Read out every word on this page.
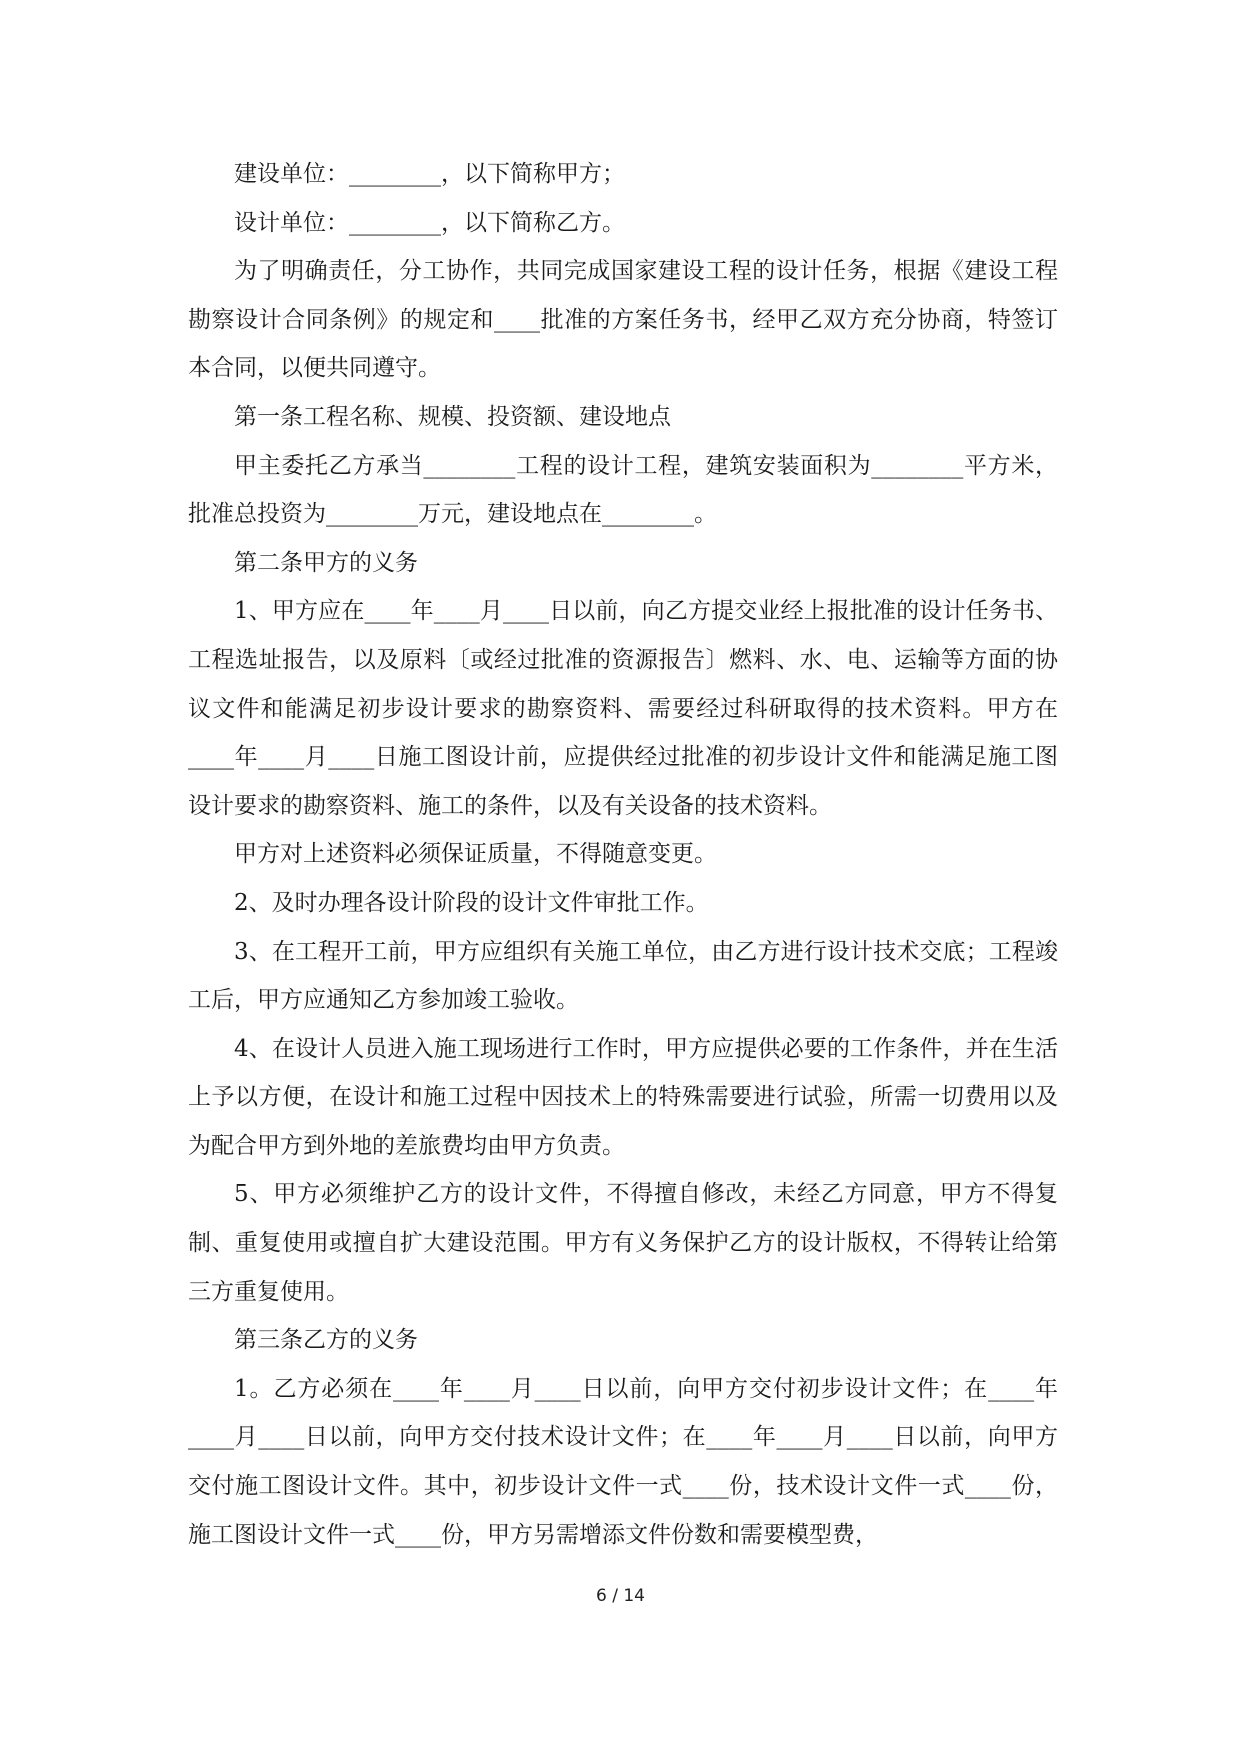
建设单位：________，以下简称甲方；

设计单位：________，以下简称乙方。

为了明确责任，分工协作，共同完成国家建设工程的设计任务，根据《建设工程勘察设计合同条例》的规定和____批准的方案任务书，经甲乙双方充分协商，特签订本合同，以便共同遵守。

第一条工程名称、规模、投资额、建设地点

甲主委托乙方承当________工程的设计工程，建筑安装面积为________平方米，批准总投资为________万元，建设地点在________。

第二条甲方的义务

1、甲方应在____年____月____日以前，向乙方提交业经上报批准的设计任务书、工程选址报告，以及原料〔或经过批准的资源报告〕燃料、水、电、运输等方面的协议文件和能满足初步设计要求的勘察资料、需要经过科研取得的技术资料。甲方在____年____月____日施工图设计前，应提供经过批准的初步设计文件和能满足施工图设计要求的勘察资料、施工的条件，以及有关设备的技术资料。

甲方对上述资料必须保证质量，不得随意变更。

2、及时办理各设计阶段的设计文件审批工作。

3、在工程开工前，甲方应组织有关施工单位，由乙方进行设计技术交底；工程竣工后，甲方应通知乙方参加竣工验收。

4、在设计人员进入施工现场进行工作时，甲方应提供必要的工作条件，并在生活上予以方便，在设计和施工过程中因技术上的特殊需要进行试验，所需一切费用以及为配合甲方到外地的差旅费均由甲方负责。

5、甲方必须维护乙方的设计文件，不得擅自修改，未经乙方同意，甲方不得复制、重复使用或擅自扩大建设范围。甲方有义务保护乙方的设计版权，不得转让给第三方重复使用。

第三条乙方的义务

1。乙方必须在____年____月____日以前，向甲方交付初步设计文件；在____年____月____日以前，向甲方交付技术设计文件；在____年____月____日以前，向甲方交付施工图设计文件。其中，初步设计文件一式____份，技术设计文件一式____份，施工图设计文件一式____份，甲方另需增添文件份数和需要模型费，

6 / 14
